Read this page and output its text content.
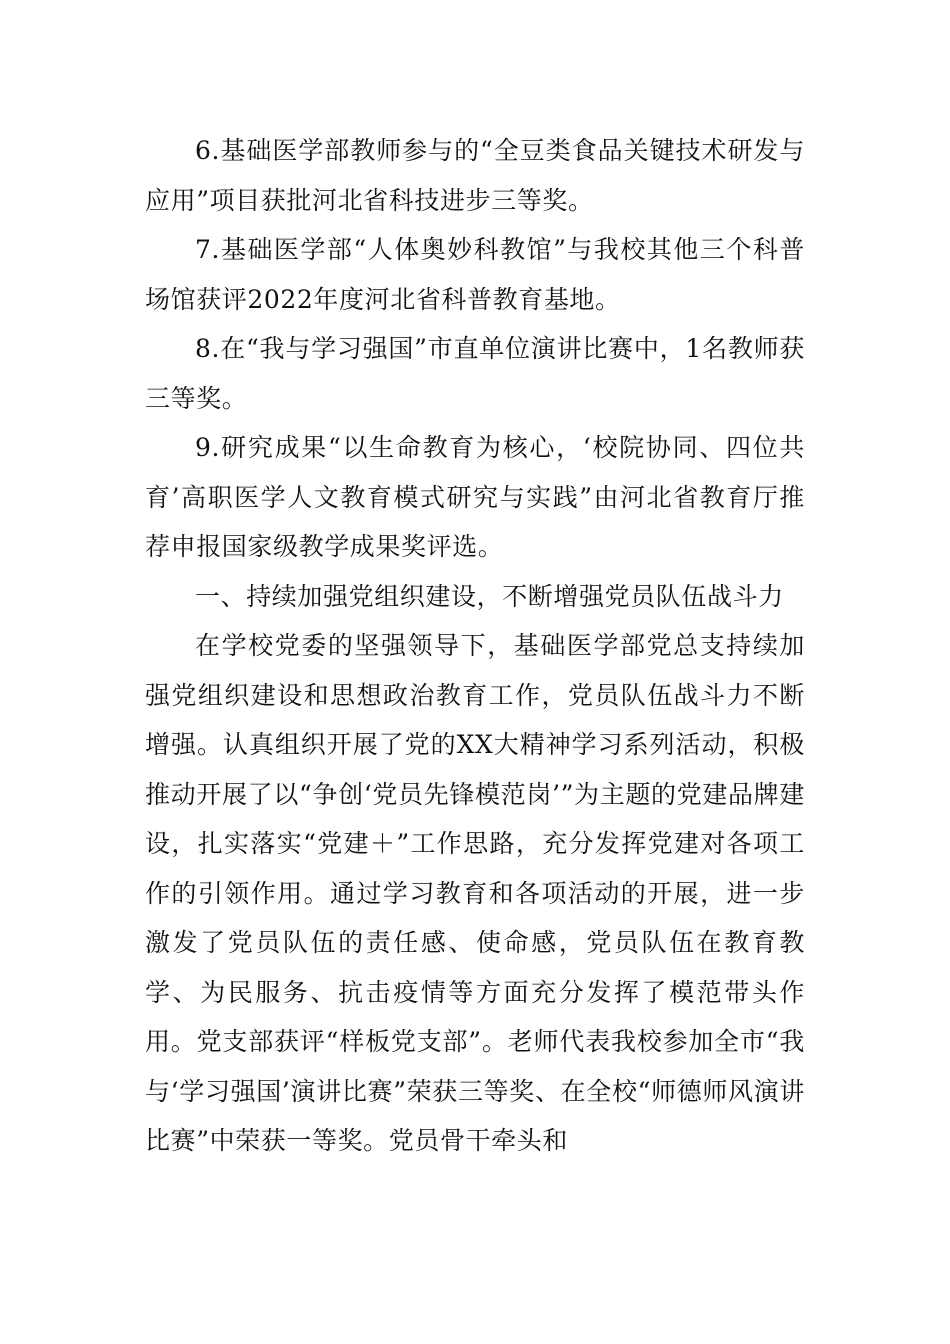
6.基础医学部教师参与的“全豆类食品关键技术研发与应用”项目获批河北省科技进步三等奖。

7.基础医学部“人体奥妙科教馆”与我校其他三个科普场馆获评2022年度河北省科普教育基地。

8.在“我与学习强国”市直单位演讲比赛中，1名教师获三等奖。

9.研究成果“以生命教育为核心，‘校院协同、四位共育’高职医学人文教育模式研究与实践”由河北省教育厅推荐申报国家级教学成果奖评选。

一、持续加强党组织建设，不断增强党员队伍战斗力

在学校党委的坚强领导下，基础医学部党总支持续加强党组织建设和思想政治教育工作，党员队伍战斗力不断增强。认真组织开展了党的XX大精神学习系列活动，积极推动开展了以“争创‘党员先锋模范岗’”为主题的党建品牌建设，扎实落实“党建＋”工作思路，充分发挥党建对各项工作的引领作用。通过学习教育和各项活动的开展，进一步激发了党员队伍的责任感、使命感，党员队伍在教育教学、为民服务、抗击疫情等方面充分发挥了模范带头作用。党支部获评“样板党支部”。老师代表我校参加全市“我与‘学习强国’演讲比赛”荣获三等奖、在全校“师德师风演讲比赛”中荣获一等奖。党员骨干牵头和
